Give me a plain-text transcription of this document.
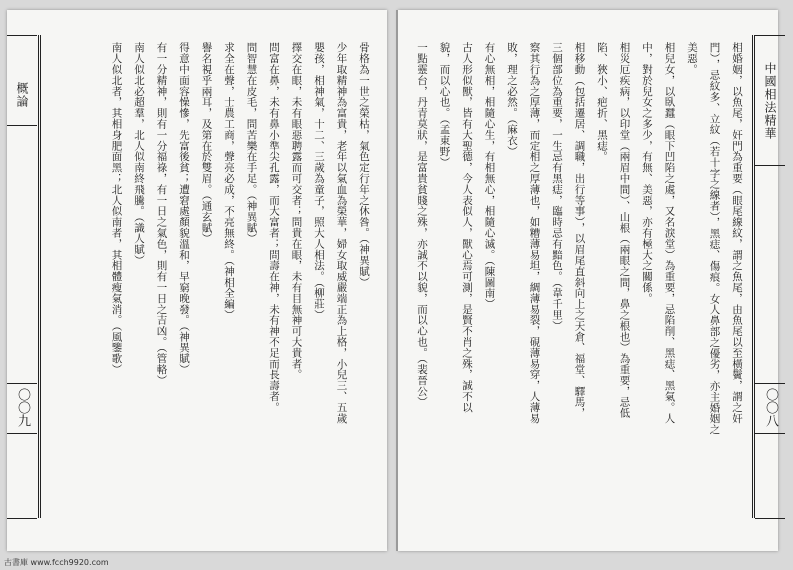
概論
〇〇九
中國相法精華
〇〇八
相婚姻，以魚尾，奸門為重要（眼尾線紋，謂之魚尾，由魚尾以至橫鬢，謂之奸
門），忌紋多、立紋（若十字之線者），黑痣、傷痕。女人鼻部之優劣，亦主婚姻之
美惡。
相兒女，以臥蠶（眼下凹陷之處，又名淚堂）為重要，忌陷削、黑痣、黑氣。人
中，對於兒女之多少，有無、美惡，亦有極大之關係。
相災厄疾病，以印堂（兩眉中間）、山根（兩眼之間，鼻之根也）為重要，忌低
陷、狹小、疤折、黑痣。
相移動（包括遷居、調職，出行等事），以眉尾直斜向上之天倉、福堂、驛馬，
三個部位為重要，一生忌有黑痣，臨時忌有黯色。（韋千里）
察其行為之厚薄，而定相之厚薄也，如糟薄易坦，綢薄易裂，硯薄易穿，人薄易
敗，理之必然。（麻衣）
有心無相，相隨心生，有相無心，相隨心滅。（陳圖南）
古人形似獸，皆有大聖德，今人表似人，獸心焉可測，是賢不肖之殊，誠不以
貌，而以心也。（孟東野）
一點靈台，丹青莫狀，是富貴貧賤之殊，亦誠不以貌，而以心也。（裴晉公）
骨格為一世之榮枯，氣色定行年之休咎。（神異賦）
少年取精神為富貴，老年以氣血為榮華，婦女取威嚴端正為上格，小兒三、五歲
嬰孩，相神氣，十二、三歲為童子，照大人相法。（柳莊）
擇交在眼，未有眼惡聘露而可交者；問貴在眼，未有目無神可大貴者。
問富在鼻，未有鼻小準尖孔露，而大富者；問壽在神，未有神不足而長壽者。
問智慧在皮毛，問苦樂在手足。（神異賦）
求全在聲，士農工商，聲亮必成，不亮無終。（神相全編）
譽名視乎兩耳，及第在於雙眉。（通玄賦）
得意中面容懆慘，先富後貧；遭窘處顏貌溫和，早窮晚發。（神異賦）
有一分精神，則有一分福祿，有一日之氣色，則有一日之吉凶。（管輅）
南人似北必超羣，北人似南終飛騰。（識人賦）
南人似北者，其相身肥面黑；北人似南者，其相體瘦氣消。（風鑒歌）
古書庫 www.fcch9920.com
